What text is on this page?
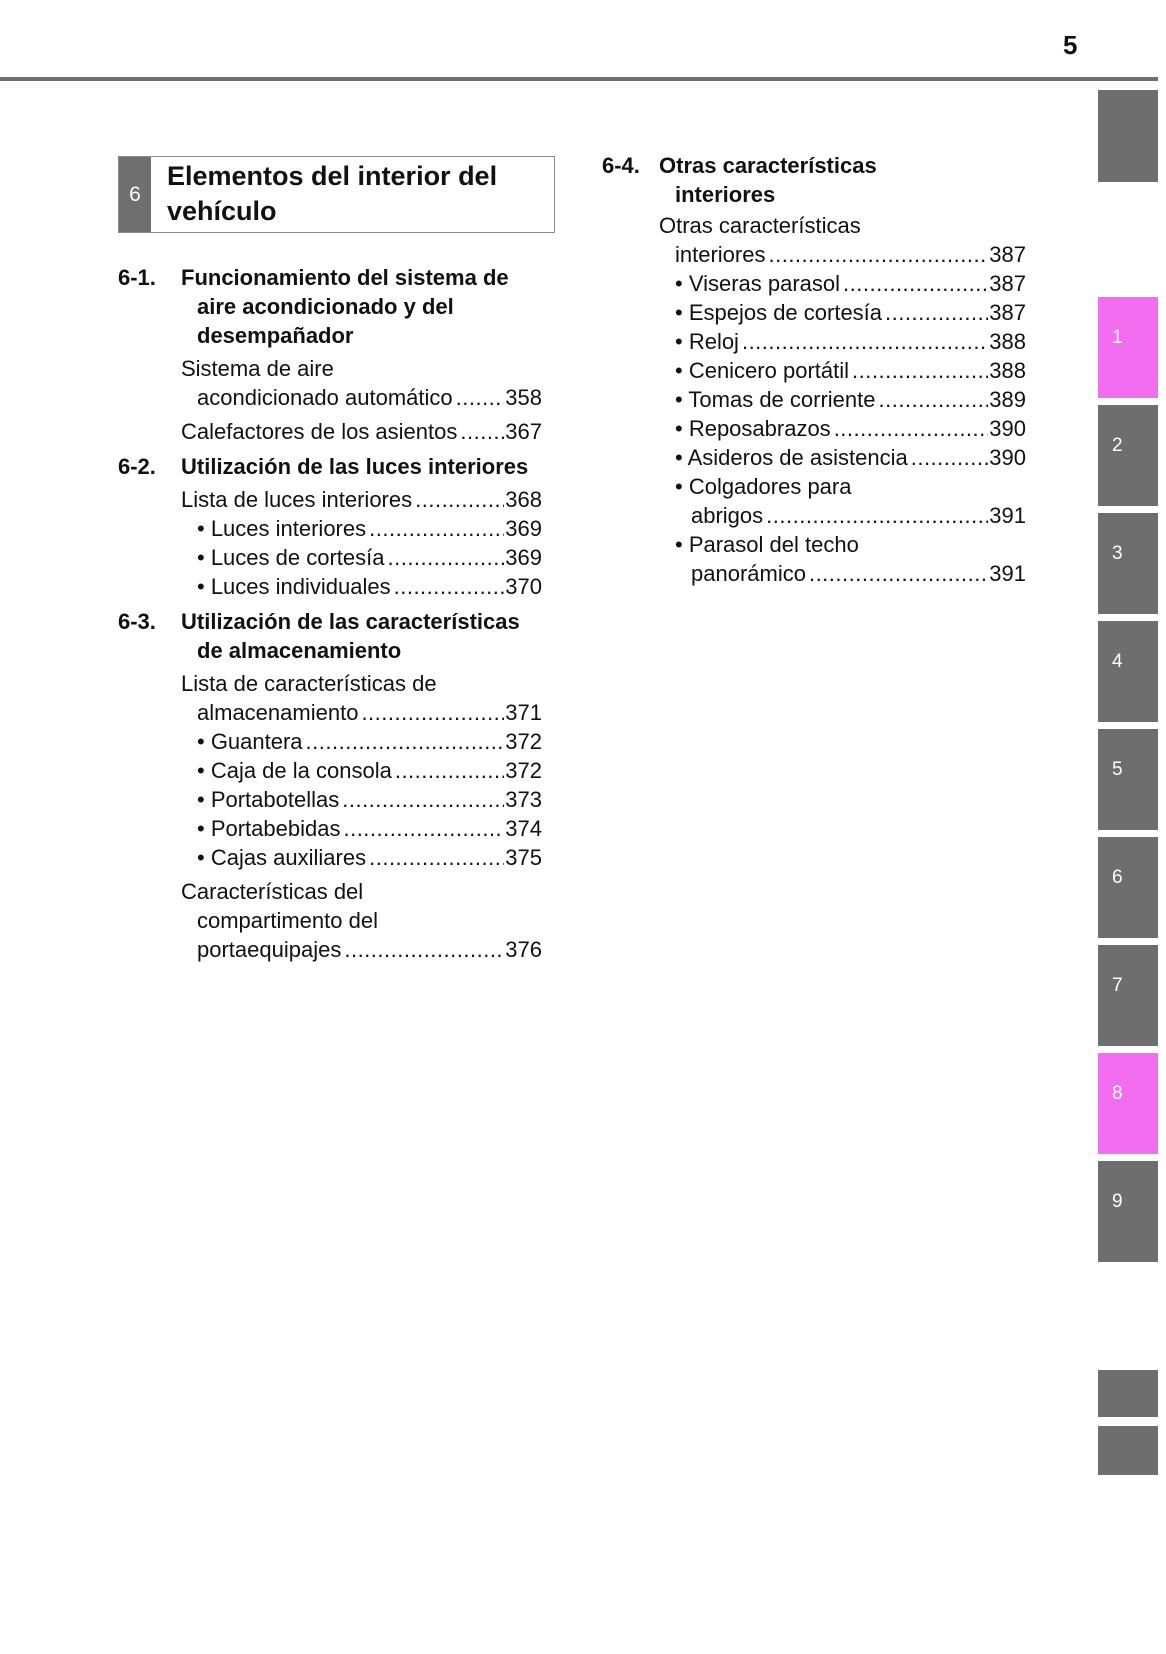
5
6
Elementos del interior del vehículo
6-1. Funcionamiento del sistema de aire acondicionado y del desempañador
Sistema de aire
acondicionado automático ..... 358
Calefactores de los asientos ..... 367
6-2. Utilización de las luces interiores
Lista de luces interiores .....	368
• Luces interiores .....	369
• Luces de cortesía .....	369
• Luces individuales .....	370
6-3. Utilización de las características de almacenamiento
Lista de características de
almacenamiento .....	371
• Guantera .....	372
• Caja de la consola .....	372
• Portabotellas .....	373
• Portabebidas .....	374
• Cajas auxiliares .....	375
Características del compartimento del
portaequipajes .....	376
6-4. Otras características interiores
Otras características
interiores .....	387
• Viseras parasol .....	387
• Espejos de cortesía .....	387
• Reloj .....	388
• Cenicero portátil .....	388
• Tomas de corriente .....	389
• Reposabrazos .....	390
• Asideros de asistencia .....	390
• Colgadores para
abrigos .....	391
• Parasol del techo
panorámico .....	391
1
2
3
4
5
6
7
8
9
